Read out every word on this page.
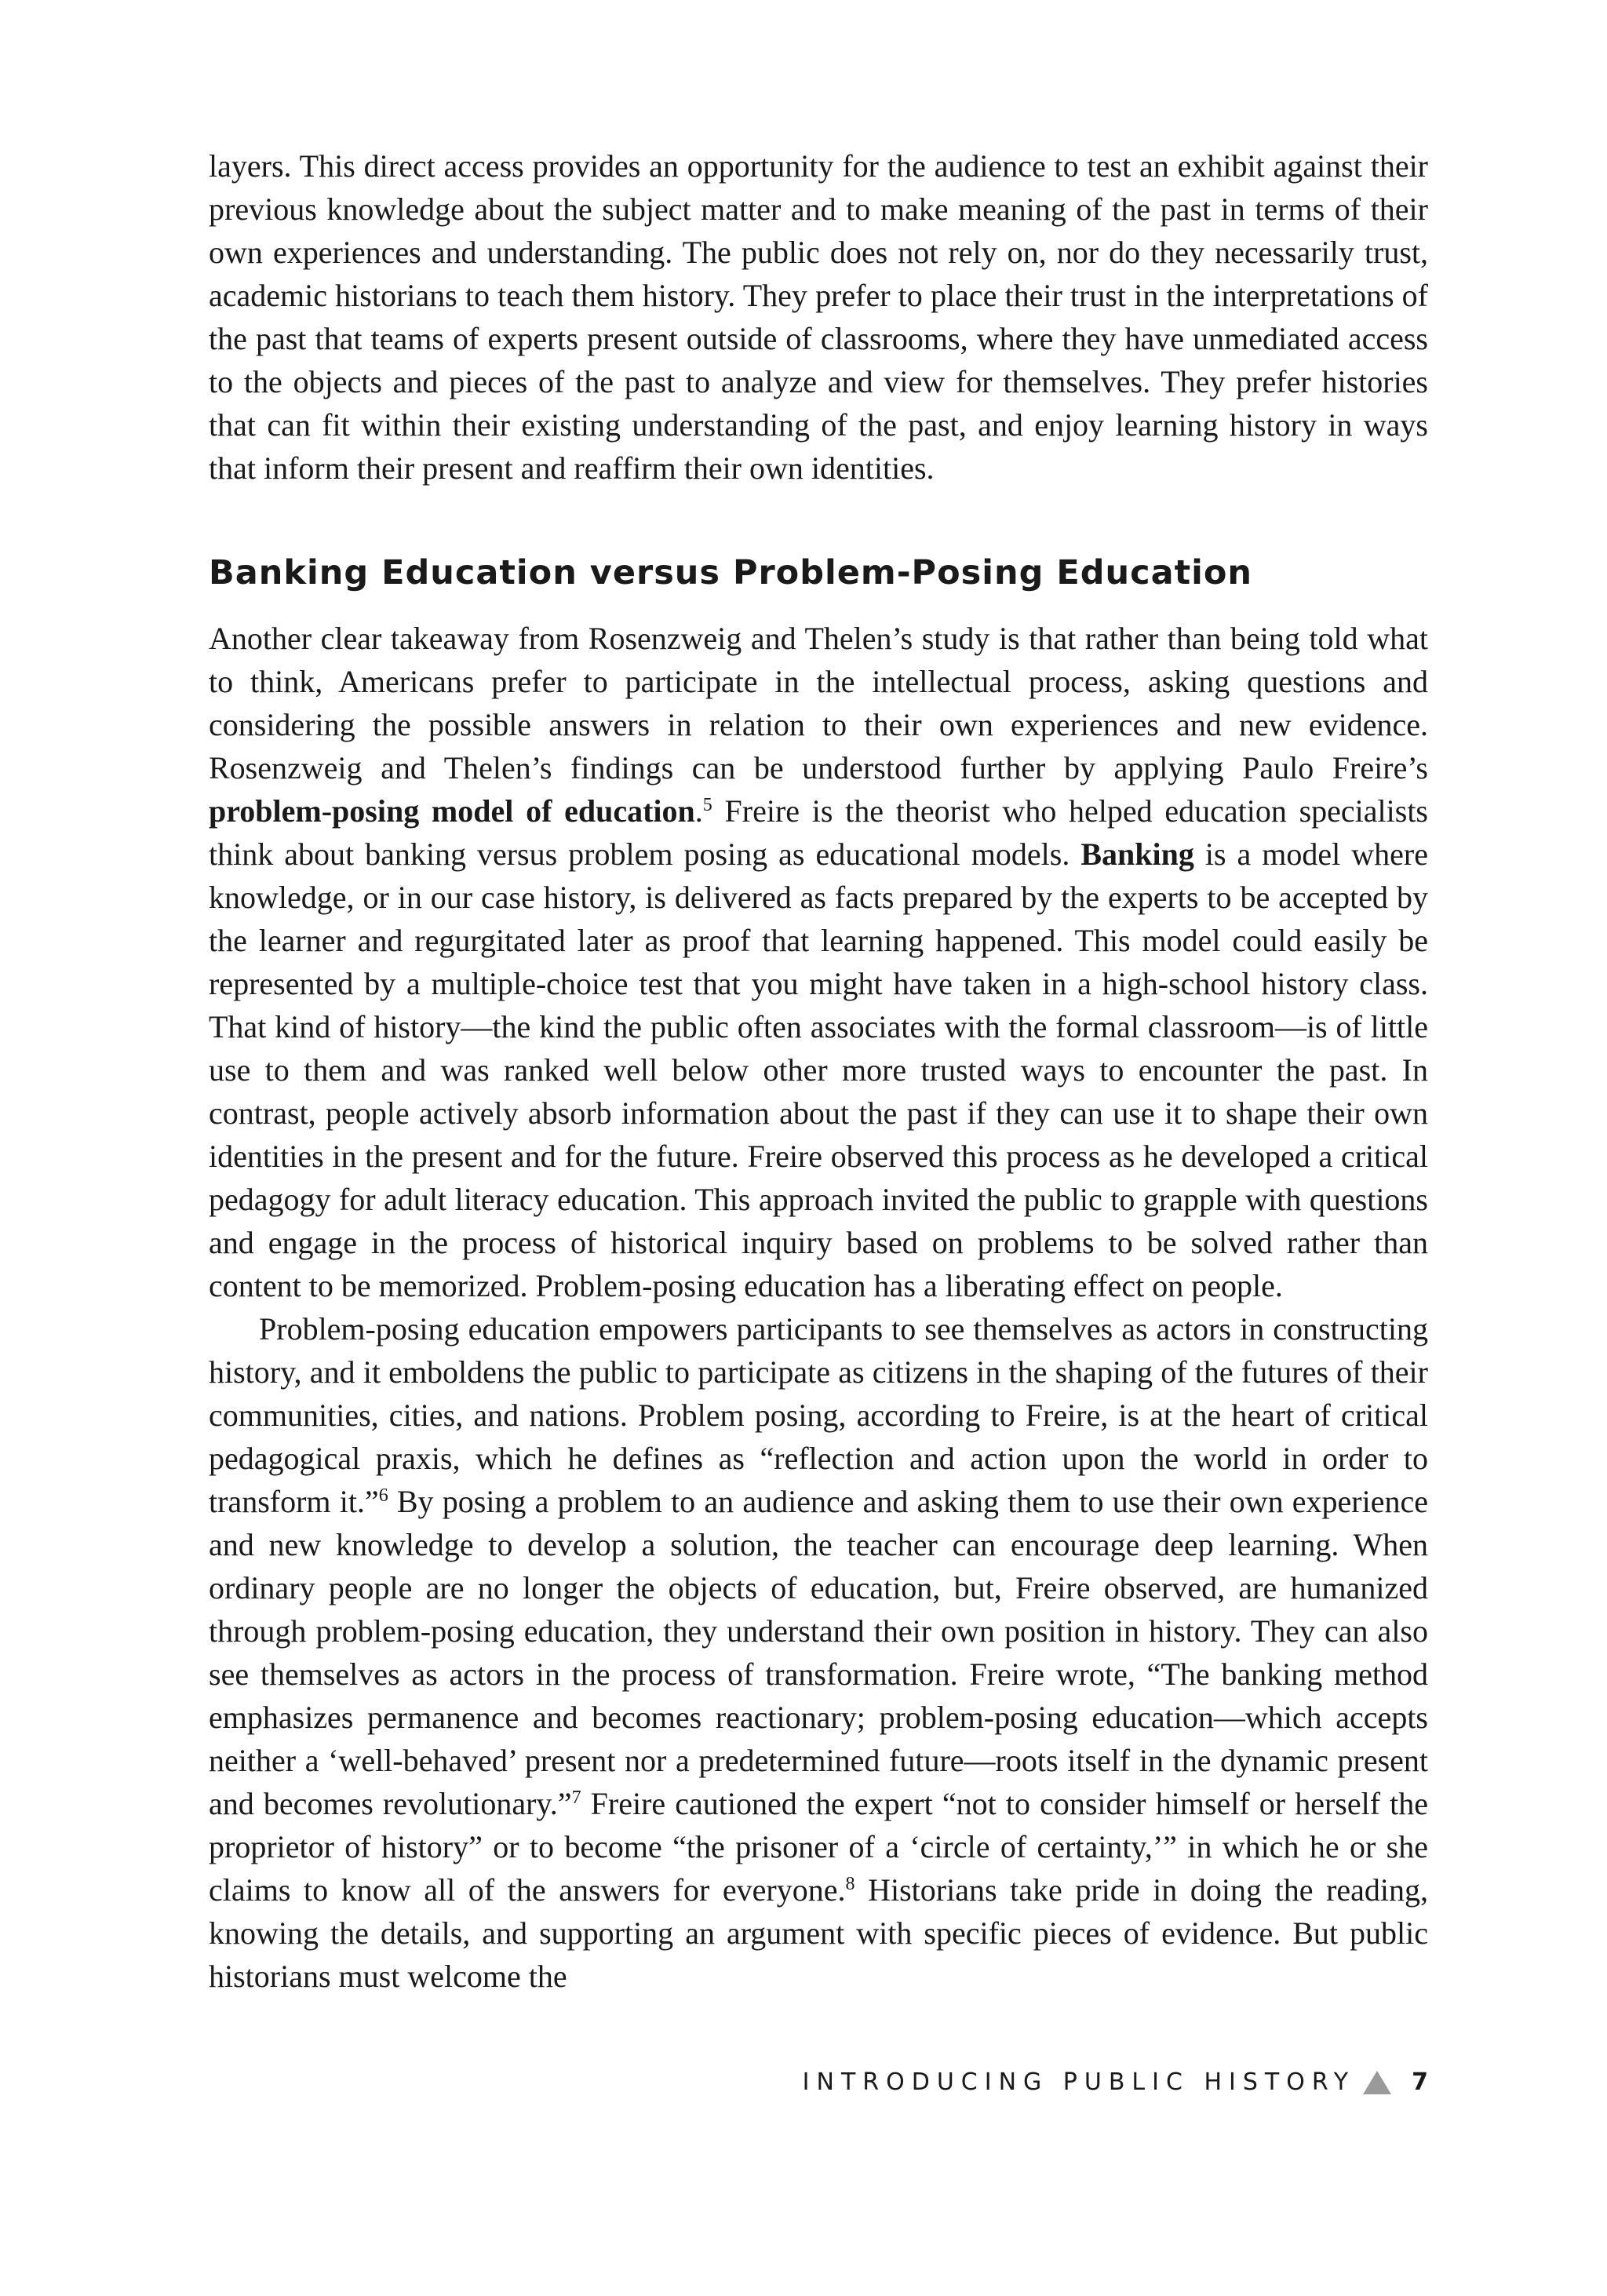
layers. This direct access provides an opportunity for the audience to test an exhibit against their previous knowledge about the subject matter and to make meaning of the past in terms of their own experiences and understanding. The public does not rely on, nor do they necessarily trust, academic historians to teach them history. They prefer to place their trust in the interpretations of the past that teams of experts present outside of classrooms, where they have unmediated access to the objects and pieces of the past to analyze and view for themselves. They prefer histories that can fit within their existing understanding of the past, and enjoy learning history in ways that inform their present and reaffirm their own identities.

Banking Education versus Problem-Posing Education

Another clear takeaway from Rosenzweig and Thelen’s study is that rather than being told what to think, Americans prefer to participate in the intellectual process, asking questions and considering the possible answers in relation to their own experiences and new evidence. Rosenzweig and Thelen’s findings can be understood further by applying Paulo Freire’s problem-posing model of education.$^5$ Freire is the theorist who helped education specialists think about banking versus problem posing as educational models. Banking is a model where knowledge, or in our case history, is delivered as facts prepared by the experts to be accepted by the learner and regurgitated later as proof that learning happened. This model could easily be represented by a multiple-choice test that you might have taken in a high-school history class. That kind of history—the kind the public often associates with the formal classroom—is of little use to them and was ranked well below other more trusted ways to encounter the past. In contrast, people actively absorb information about the past if they can use it to shape their own identities in the present and for the future. Freire observed this process as he developed a critical pedagogy for adult literacy education. This approach invited the public to grapple with questions and engage in the process of historical inquiry based on problems to be solved rather than content to be memorized. Problem-posing education has a liberating effect on people.

Problem-posing education empowers participants to see themselves as actors in constructing history, and it emboldens the public to participate as citizens in the shaping of the futures of their communities, cities, and nations. Problem posing, according to Freire, is at the heart of critical pedagogical praxis, which he defines as “reflection and action upon the world in order to transform it.”$^6$ By posing a problem to an audience and asking them to use their own experience and new knowledge to develop a solution, the teacher can encourage deep learning. When ordinary people are no longer the objects of education, but, Freire observed, are humanized through problem-posing education, they understand their own position in history. They can also see themselves as actors in the process of transformation. Freire wrote, “The banking method emphasizes permanence and becomes reactionary; problem-posing education—which accepts neither a ‘well-behaved’ present nor a predetermined future—roots itself in the dynamic present and becomes revolutionary.”$^7$ Freire cautioned the expert “not to consider himself or herself the proprietor of history” or to become “the prisoner of a ‘circle of certainty,’” in which he or she claims to know all of the answers for everyone.$^8$ Historians take pride in doing the reading, knowing the details, and supporting an argument with specific pieces of evidence. But public historians must welcome the

INTRODUCING PUBLIC HISTORY 7
